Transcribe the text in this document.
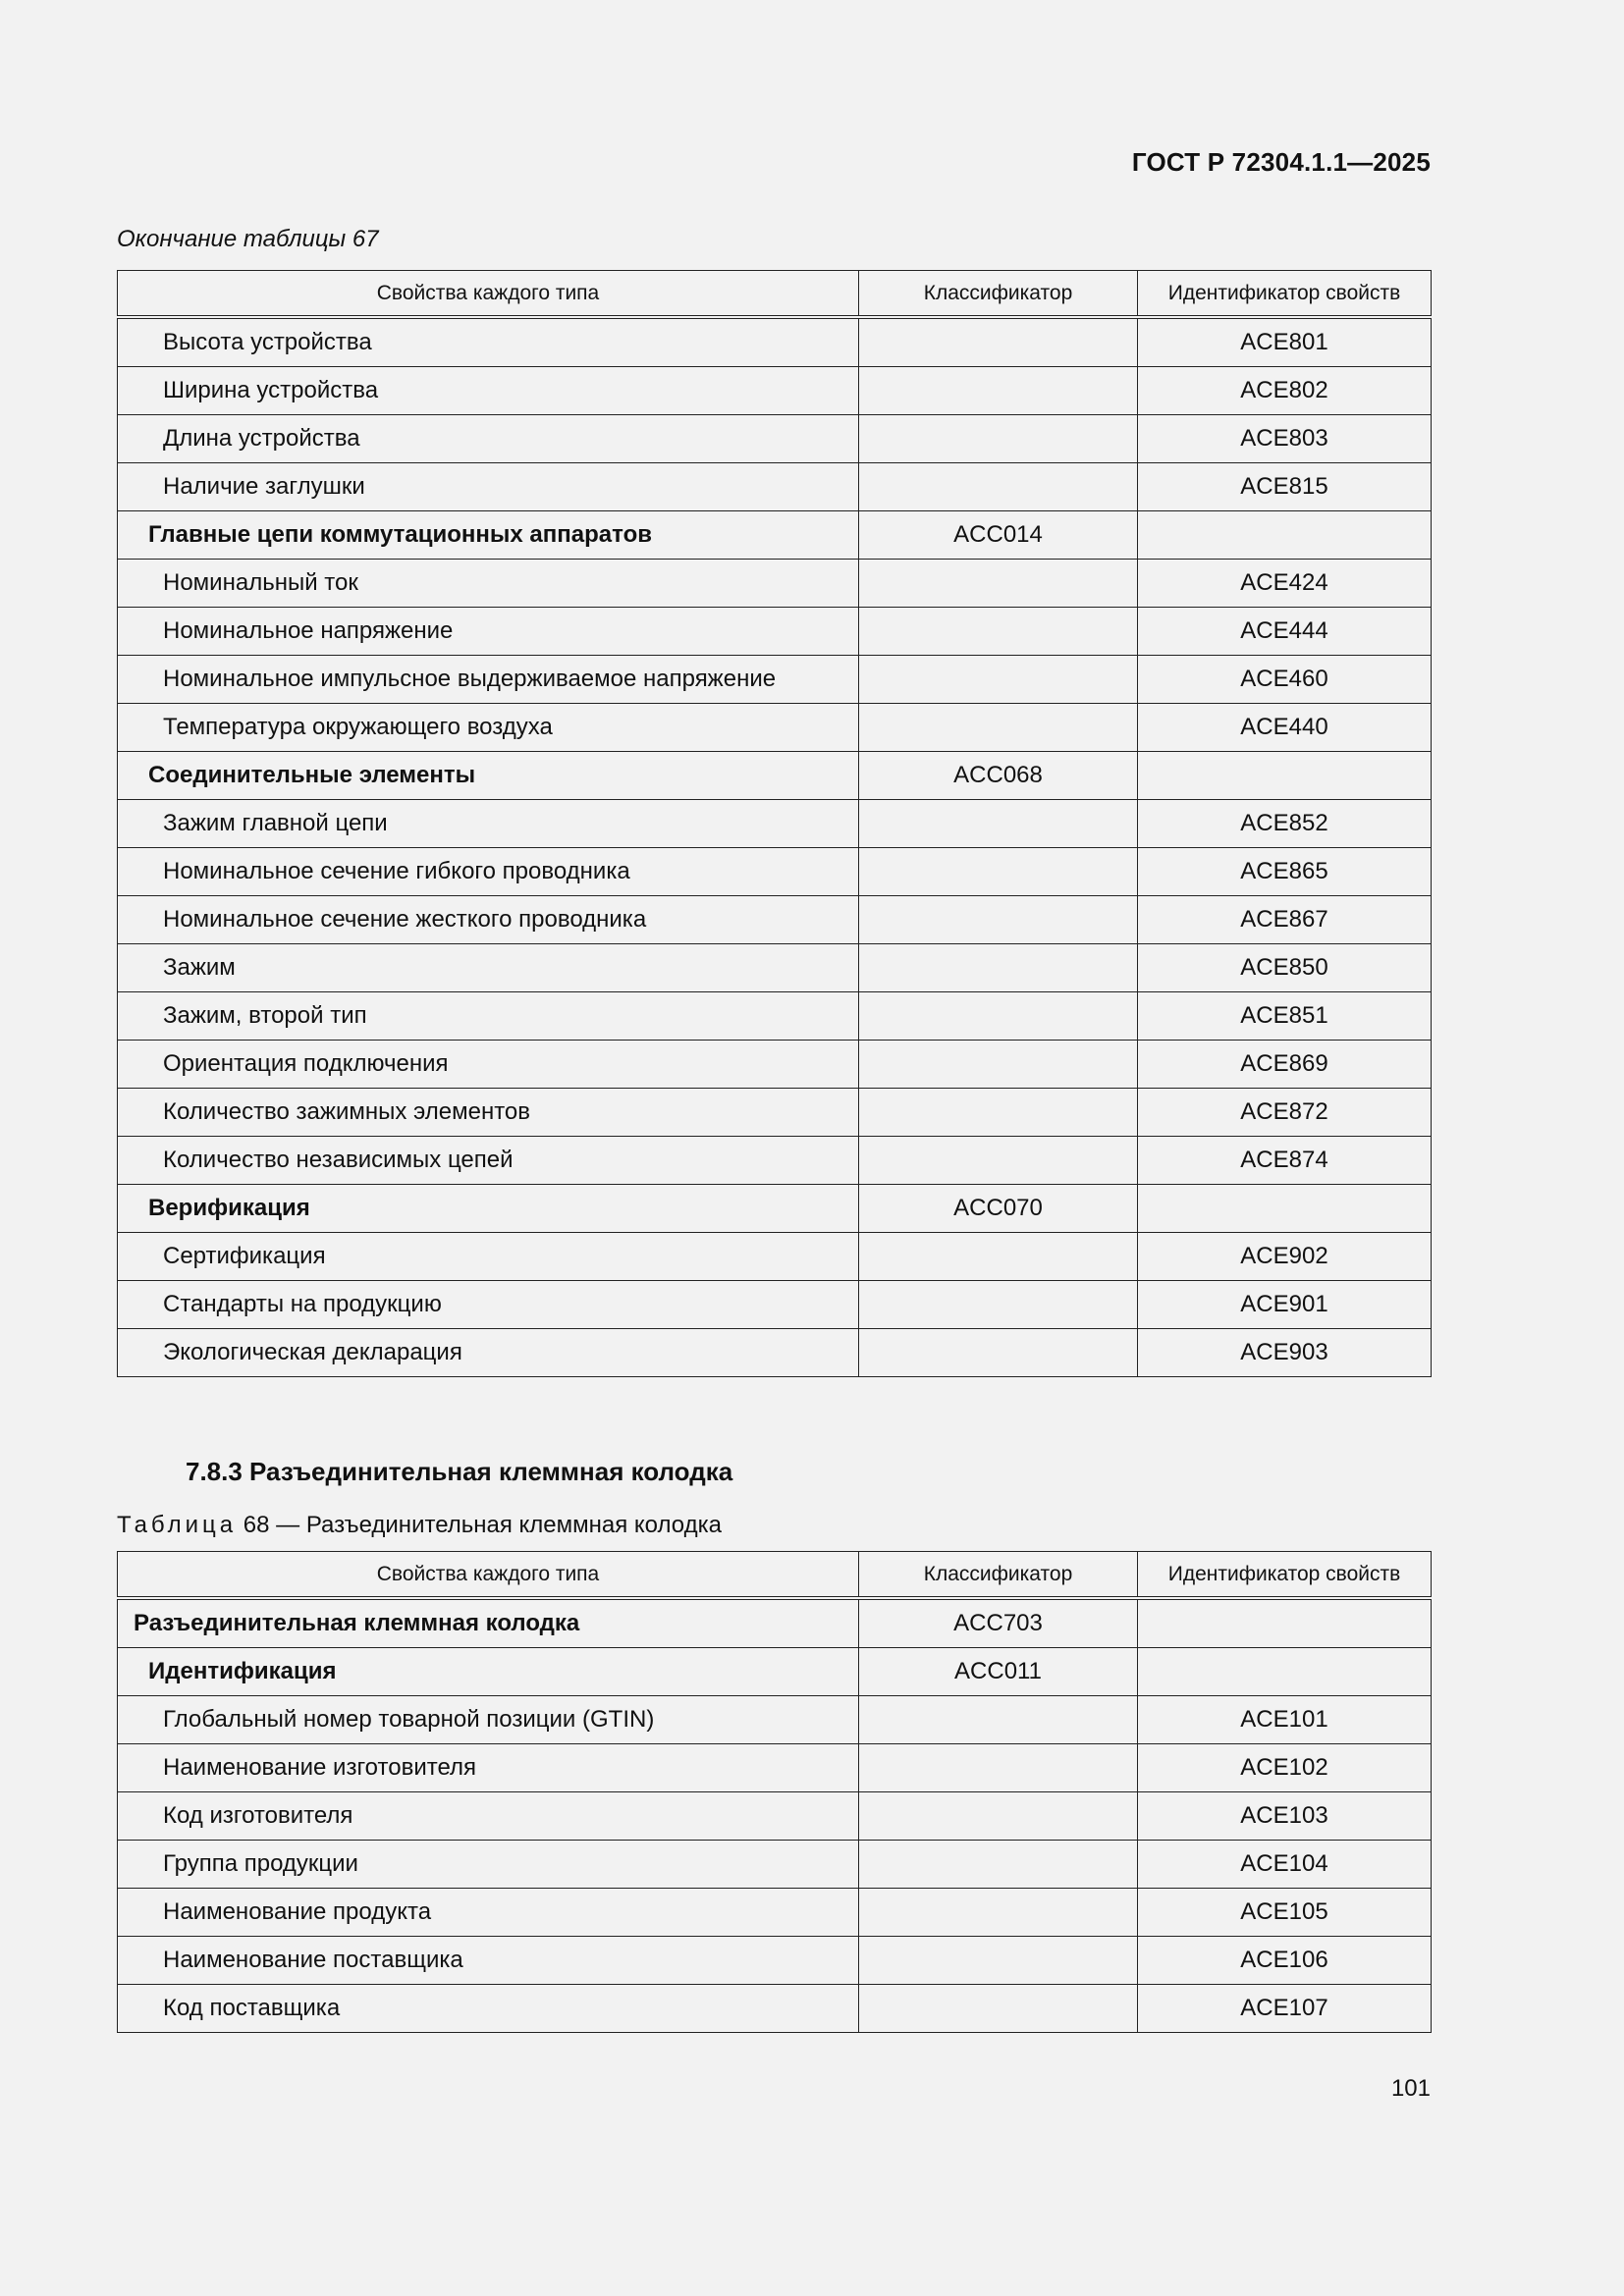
ГОСТ Р 72304.1.1—2025
Окончание таблицы 67
Свойства каждого типа	Классификатор	Идентификатор свойств
Высота устройства		ACE801
Ширина устройства		ACE802
Длина устройства		ACE803
Наличие заглушки		ACE815
Главные цепи коммутационных аппаратов	ACC014	
Номинальный ток		ACE424
Номинальное напряжение		ACE444
Номинальное импульсное выдерживаемое напряжение		ACE460
Температура окружающего воздуха		ACE440
Соединительные элементы	ACC068	
Зажим главной цепи		ACE852
Номинальное сечение гибкого проводника		ACE865
Номинальное сечение жесткого проводника		ACE867
Зажим		ACE850
Зажим, второй тип		ACE851
Ориентация подключения		ACE869
Количество зажимных элементов		ACE872
Количество независимых цепей		ACE874
Верификация	ACC070	
Сертификация		ACE902
Стандарты на продукцию		ACE901
Экологическая декларация		ACE903
7.8.3 Разъединительная клеммная колодка
Таблица 68 — Разъединительная клеммная колодка
Свойства каждого типа	Классификатор	Идентификатор свойств
Разъединительная клеммная колодка	ACC703	
Идентификация	ACC011	
Глобальный номер товарной позиции (GTIN)		ACE101
Наименование изготовителя		ACE102
Код изготовителя		ACE103
Группа продукции		ACE104
Наименование продукта		ACE105
Наименование поставщика		ACE106
Код поставщика		ACE107
101
